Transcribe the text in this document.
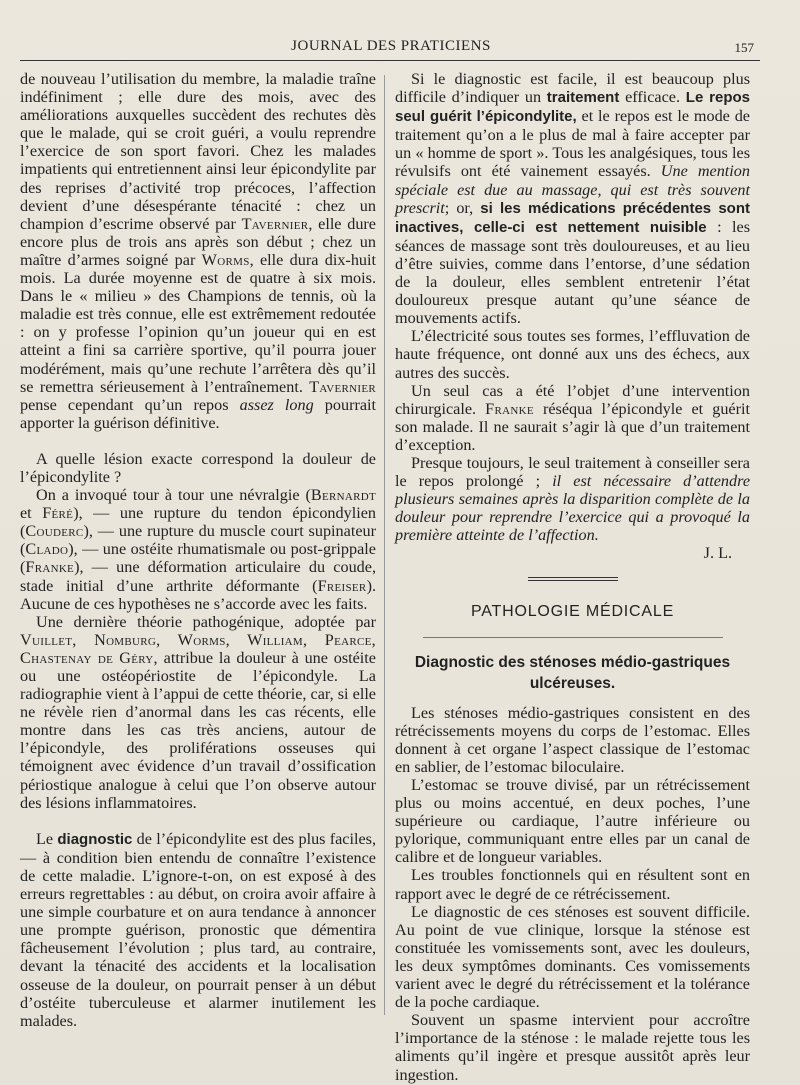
JOURNAL DES PRATICIENS	157

de nouveau l’utilisation du membre, la maladie traîne indéfiniment ; elle dure des mois, avec des améliorations auxquelles succèdent des rechutes dès que le malade, qui se croit guéri, a voulu reprendre l’exercice de son sport favori. Chez les malades impatients qui entretiennent ainsi leur épicondylite par des reprises d’activité trop précoces, l’affection devient d’une désespérante ténacité : chez un champion d’escrime observé par Tavernier, elle dure encore plus de trois ans après son début ; chez un maître d’armes soigné par Worms, elle dura dix-huit mois. La durée moyenne est de quatre à six mois. Dans le « milieu » des Champions de tennis, où la maladie est très connue, elle est extrêmement redoutée : on y professe l’opinion qu’un joueur qui en est atteint a fini sa carrière sportive, qu’il pourra jouer modérément, mais qu’une rechute l’arrêtera dès qu’il se remettra sérieusement à l’entraînement. Tavernier pense cependant qu’un repos assez long pourrait apporter la guérison définitive.

A quelle lésion exacte correspond la douleur de l’épicondylite ?

On a invoqué tour à tour une névralgie (Bernardt et Féré), — une rupture du tendon épicondylien (Couderc), — une rupture du muscle court supinateur (Clado), — une ostéite rhumatismale ou post-grippale (Franke), — une déformation articulaire du coude, stade initial d’une arthrite déformante (Freiser). Aucune de ces hypothèses ne s’accorde avec les faits.

Une dernière théorie pathogénique, adoptée par Vuillet, Nomburg, Worms, William, Pearce, Chastenay de Géry, attribue la douleur à une ostéite ou une ostéopériostite de l’épicondyle. La radiographie vient à l’appui de cette théorie, car, si elle ne révèle rien d’anormal dans les cas récents, elle montre dans les cas très anciens, autour de l’épicondyle, des proliférations osseuses qui témoignent avec évidence d’un travail d’ossification périostique analogue à celui que l’on observe autour des lésions inflammatoires.

Le diagnostic de l’épicondylite est des plus faciles, — à condition bien entendu de connaître l’existence de cette maladie. L’ignore-t-on, on est exposé à des erreurs regrettables : au début, on croira avoir affaire à une simple courbature et on aura tendance à annoncer une prompte guérison, pronostic que démentira fâcheusement l’évolution ; plus tard, au contraire, devant la ténacité des accidents et la localisation osseuse de la douleur, on pourrait penser à un début d’ostéite tuberculeuse et alarmer inutilement les malades.

Si le diagnostic est facile, il est beaucoup plus difficile d’indiquer un traitement efficace. Le repos seul guérit l’épicondylite, et le repos est le mode de traitement qu’on a le plus de mal à faire accepter par un « homme de sport ». Tous les analgésiques, tous les révulsifs ont été vainement essayés. Une mention spéciale est due au massage, qui est très souvent prescrit; or, si les médications précédentes sont inactives, celle-ci est nettement nuisible : les séances de massage sont très douloureuses, et au lieu d’être suivies, comme dans l’entorse, d’une sédation de la douleur, elles semblent entretenir l’état douloureux presque autant qu’une séance de mouvements actifs.

L’électricité sous toutes ses formes, l’effluvation de haute fréquence, ont donné aux uns des échecs, aux autres des succès.

Un seul cas a été l’objet d’une intervention chirurgicale. Franke réséqua l’épicondyle et guérit son malade. Il ne saurait s’agir là que d’un traitement d’exception.

Presque toujours, le seul traitement à conseiller sera le repos prolongé ; il est nécessaire d’attendre plusieurs semaines après la disparition complète de la douleur pour reprendre l’exercice qui a provoqué la première atteinte de l’affection.

J. L.

PATHOLOGIE MÉDICALE
Diagnostic des sténoses médio-gastriques ulcéreuses.

Les sténoses médio-gastriques consistent en des rétrécissements moyens du corps de l’estomac. Elles donnent à cet organe l’aspect classique de l’estomac en sablier, de l’estomac biloculaire.

L’estomac se trouve divisé, par un rétrécissement plus ou moins accentué, en deux poches, l’une supérieure ou cardiaque, l’autre inférieure ou pylorique, communiquant entre elles par un canal de calibre et de longueur variables.

Les troubles fonctionnels qui en résultent sont en rapport avec le degré de ce rétrécissement.

Le diagnostic de ces sténoses est souvent difficile. Au point de vue clinique, lorsque la sténose est constituée les vomissements sont, avec les douleurs, les deux symptômes dominants. Ces vomissements varient avec le degré du rétrécissement et la tolérance de la poche cardiaque.

Souvent un spasme intervient pour accroître l’importance de la sténose : le malade rejette tous les aliments qu’il ingère et presque aussitôt après leur ingestion.
